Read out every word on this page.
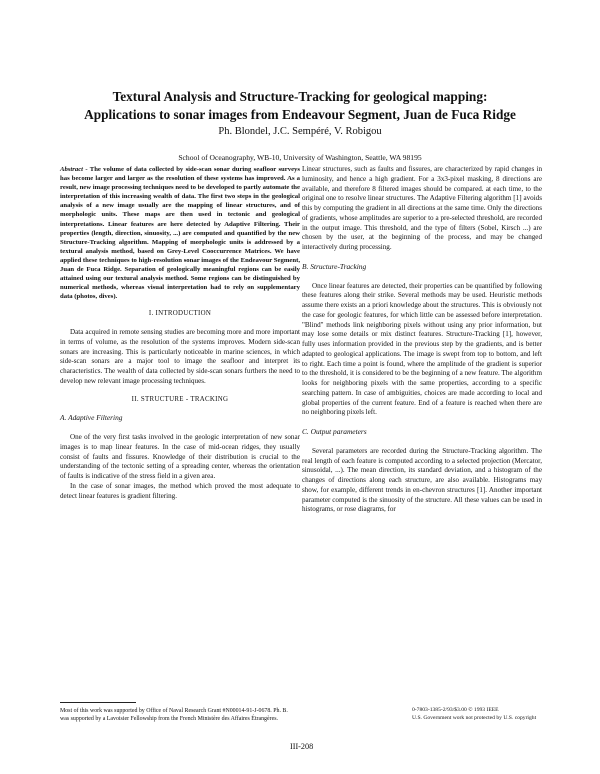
Textural Analysis and Structure-Tracking for geological mapping:
Applications to sonar images from Endeavour Segment, Juan de Fuca Ridge
Ph. Blondel, J.C. Sempéré, V. Robigou
School of Oceanography, WB-10, University of Washington, Seattle, WA 98195

Abstract - The volume of data collected by side-scan sonar during seafloor surveys has become larger and larger as the resolution of these systems has improved. As a result, new image processing techniques need to be developed to partly automate the interpretation of this increasing wealth of data. The first two steps in the geological analysis of a new image usually are the mapping of linear structures, and of morphologic units. These maps are then used in tectonic and geological interpretations. Linear features are here detected by Adaptive Filtering. Their properties (length, direction, sinuosity, ...) are computed and quantified by the new Structure-Tracking algorithm. Mapping of morphologic units is addressed by a textural analysis method, based on Grey-Level Cooccurrence Matrices. We have applied these techniques to high-resolution sonar images of the Endeavour Segment, Juan de Fuca Ridge. Separation of geologically meaningful regions can be easily attained using our textural analysis method. Some regions can be distinguished by numerical methods, whereas visual interpretation had to rely on supplementary data (photos, dives).

I. INTRODUCTION

Data acquired in remote sensing studies are becoming more and more important in terms of volume, as the resolution of the systems improves. Modern side-scan sonars are increasing. This is particularly noticeable in marine sciences, in which side-scan sonars are a major tool to image the seafloor and interpret its characteristics. The wealth of data collected by side-scan sonars furthers the need to develop new relevant image processing techniques.

II. STRUCTURE - TRACKING
A. Adaptive Filtering

One of the very first tasks involved in the geologic interpretation of new sonar images is to map linear features. In the case of mid-ocean ridges, they usually consist of faults and fissures. Knowledge of their distribution is crucial to the understanding of the tectonic setting of a spreading center, whereas the orientation of faults is indicative of the stress field in a given area.

In the case of sonar images, the method which proved the most adequate to detect linear features is gradient filtering.

Linear structures, such as faults and fissures, are characterized by rapid changes in luminosity, and hence a high gradient. For a 3x3-pixel masking, 8 directions are available, and therefore 8 filtered images should be compared. at each time, to the original one to resolve linear structures. The Adaptive Filtering algorithm [1] avoids this by computing the gradient in all directions at the same time. Only the directions of gradients, whose amplitudes are superior to a pre-selected threshold, are recorded in the output image. This threshold, and the type of filters (Sobel, Kirsch ...) are chosen by the user, at the beginning of the process, and may be changed interactively during processing.

B. Structure-Tracking

Once linear features are detected, their properties can be quantified by following these features along their strike. Several methods may be used. Heuristic methods assume there exists an a priori knowledge about the structures. This is obviously not the case for geologic features, for which little can be assessed before interpretation. "Blind" methods link neighboring pixels without using any prior information, but may lose some details or mix distinct features. Structure-Tracking [1], however, fully uses information provided in the previous step by the gradients, and is better adapted to geological applications. The image is swept from top to bottom, and left to right. Each time a point is found, where the amplitude of the gradient is superior to the threshold, it is considered to be the beginning of a new feature. The algorithm looks for neighboring pixels with the same properties, according to a specific searching pattern. In case of ambiguities, choices are made according to local and global properties of the current feature. End of a feature is reached when there are no neighboring pixels left.

C. Output parameters

Several parameters are recorded during the Structure-Tracking algorithm. The real length of each feature is computed according to a selected projection (Mercator, sinusoidal, ...). The mean direction, its standard deviation, and a histogram of the changes of directions along each structure, are also available. Histograms may show, for example, different trends in en-chevron structures [1]. Another important parameter computed is the sinuosity of the structure. All these values can be used in histograms, or rose diagrams, for

Most of this work was supported by Office of Naval Research Grant #N00014-91-J-0678. Ph. B. was supported by a Lavoisier Fellowship from the French Ministère des Affaires Étrangères.
0-7803-1385-2/93/$3.00 © 1993 IEEE
U.S. Government work not protected by U.S. copyright
III-208
